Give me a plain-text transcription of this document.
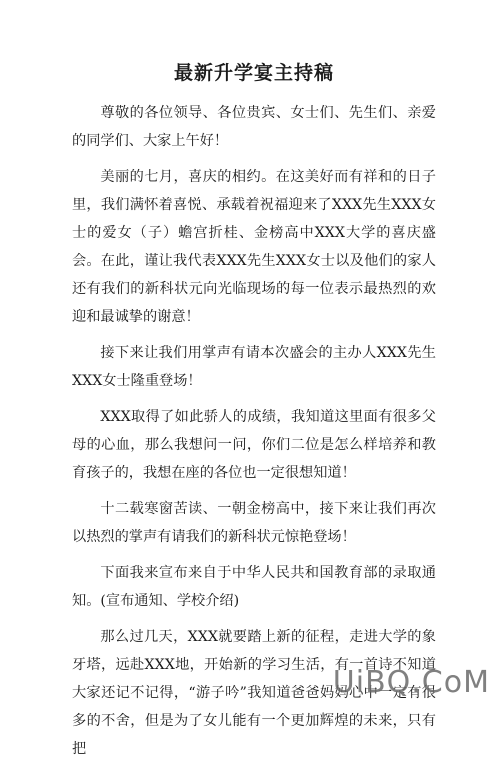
最新升学宴主持稿

尊敬的各位领导、各位贵宾、女士们、先生们、亲爱的同学们、大家上午好！

美丽的七月，喜庆的相约。在这美好而有祥和的日子里，我们满怀着喜悦、承载着祝福迎来了XXX先生XXX女士的爱女（子）蟾宫折桂、金榜高中XXX大学的喜庆盛会。在此，谨让我代表XXX先生XXX女士以及他们的家人还有我们的新科状元向光临现场的每一位表示最热烈的欢迎和最诚挚的谢意！

接下来让我们用掌声有请本次盛会的主办人XXX先生XXX女士隆重登场！

XXX取得了如此骄人的成绩，我知道这里面有很多父母的心血，那么我想问一问，你们二位是怎么样培养和教育孩子的，我想在座的各位也一定很想知道！

十二载寒窗苦读、一朝金榜高中，接下来让我们再次以热烈的掌声有请我们的新科状元惊艳登场！

下面我来宣布来自于中华人民共和国教育部的录取通知。(宣布通知、学校介绍)

那么过几天，XXX就要踏上新的征程，走进大学的象牙塔，远赴XXX地，开始新的学习生活，有一首诗不知道大家还记不记得，“游子吟”我知道爸爸妈妈心中一定有很多的不舍，但是为了女儿能有一个更加辉煌的未来，只有把

UiBQ.CoM
